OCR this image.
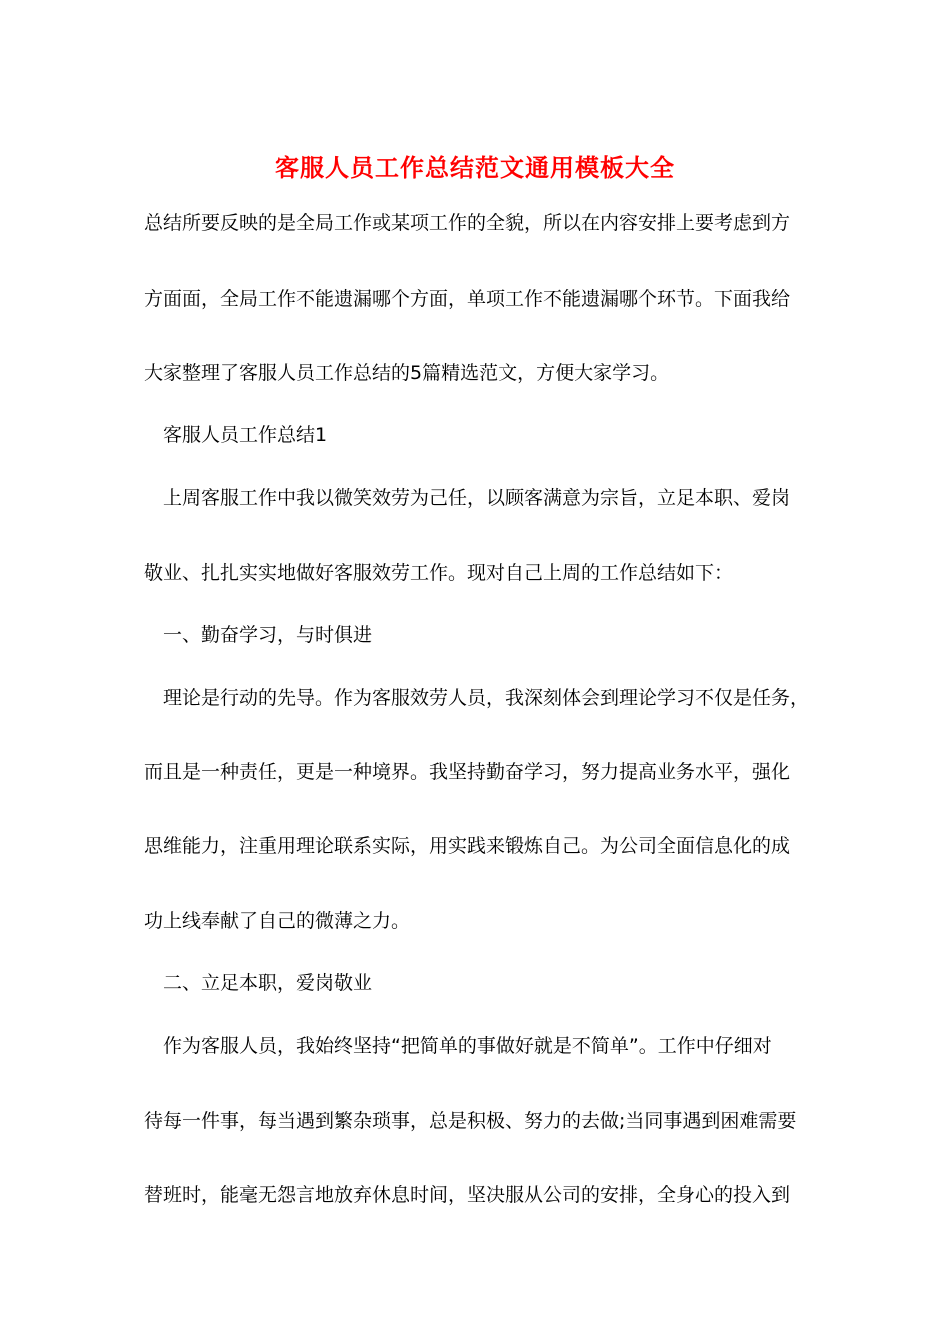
客服人员工作总结范文通用模板大全
总结所要反映的是全局工作或某项工作的全貌，所以在内容安排上要考虑到方
方面面，全局工作不能遗漏哪个方面，单项工作不能遗漏哪个环节。下面我给
大家整理了客服人员工作总结的5篇精选范文，方便大家学习。
客服人员工作总结1
上周客服工作中我以微笑效劳为己任，以顾客满意为宗旨，立足本职、爱岗
敬业、扎扎实实地做好客服效劳工作。现对自己上周的工作总结如下：
一、勤奋学习，与时俱进
理论是行动的先导。作为客服效劳人员，我深刻体会到理论学习不仅是任务，
而且是一种责任，更是一种境界。我坚持勤奋学习，努力提高业务水平，强化
思维能力，注重用理论联系实际，用实践来锻炼自己。为公司全面信息化的成
功上线奉献了自己的微薄之力。
二、立足本职，爱岗敬业
作为客服人员，我始终坚持“把简单的事做好就是不简单”。工作中仔细对
待每一件事，每当遇到繁杂琐事，总是积极、努力的去做;当同事遇到困难需要
替班时，能毫无怨言地放弃休息时间，坚决服从公司的安排，全身心的投入到
